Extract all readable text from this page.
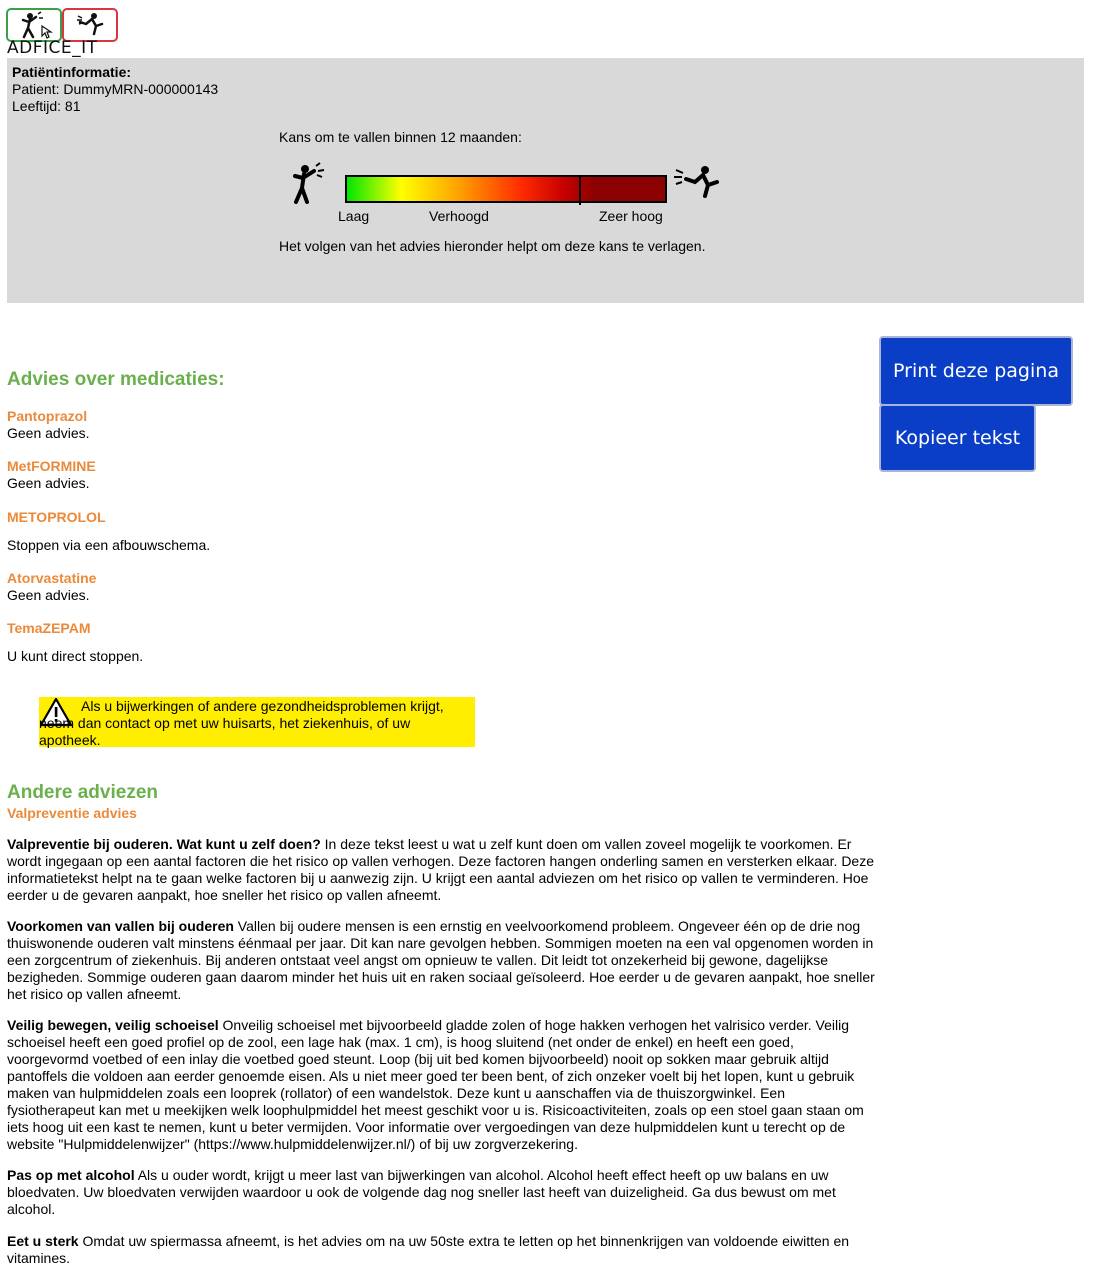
ADFICE_IT
Patiëntinformatie:
Patient: DummyMRN-000000143
Leeftijd: 81
Kans om te vallen binnen 12 maanden:
Laag	Verhoogd	Zeer hoog
Het volgen van het advies hieronder helpt om deze kans te verlagen.
Print deze pagina
Kopieer tekst
Advies over medicaties:
Pantoprazol
Geen advies.
MetFORMINE
Geen advies.
METOPROLOL
Stoppen via een afbouwschema.
Atorvastatine
Geen advies.
TemaZEPAM
U kunt direct stoppen.
Als u bijwerkingen of andere gezondheidsproblemen krijgt, neem dan contact op met uw huisarts, het ziekenhuis, of uw apotheek.
Andere adviezen
Valpreventie advies
Valpreventie bij ouderen. Wat kunt u zelf doen? In deze tekst leest u wat u zelf kunt doen om vallen zoveel mogelijk te voorkomen. Er wordt ingegaan op een aantal factoren die het risico op vallen verhogen. Deze factoren hangen onderling samen en versterken elkaar. Deze informatietekst helpt na te gaan welke factoren bij u aanwezig zijn. U krijgt een aantal adviezen om het risico op vallen te verminderen. Hoe eerder u de gevaren aanpakt, hoe sneller het risico op vallen afneemt.
Voorkomen van vallen bij ouderen Vallen bij oudere mensen is een ernstig en veelvoorkomend probleem. Ongeveer één op de drie nog thuiswonende ouderen valt minstens éénmaal per jaar. Dit kan nare gevolgen hebben. Sommigen moeten na een val opgenomen worden in een zorgcentrum of ziekenhuis. Bij anderen ontstaat veel angst om opnieuw te vallen. Dit leidt tot onzekerheid bij gewone, dagelijkse bezigheden. Sommige ouderen gaan daarom minder het huis uit en raken sociaal geïsoleerd. Hoe eerder u de gevaren aanpakt, hoe sneller het risico op vallen afneemt.
Veilig bewegen, veilig schoeisel Onveilig schoeisel met bijvoorbeeld gladde zolen of hoge hakken verhogen het valrisico verder. Veilig schoeisel heeft een goed profiel op de zool, een lage hak (max. 1 cm), is hoog sluitend (net onder de enkel) en heeft een goed, voorgevormd voetbed of een inlay die voetbed goed steunt. Loop (bij uit bed komen bijvoorbeeld) nooit op sokken maar gebruik altijd pantoffels die voldoen aan eerder genoemde eisen. Als u niet meer goed ter been bent, of zich onzeker voelt bij het lopen, kunt u gebruik maken van hulpmiddelen zoals een looprek (rollator) of een wandelstok. Deze kunt u aanschaffen via de thuiszorgwinkel. Een fysiotherapeut kan met u meekijken welk loophulpmiddel het meest geschikt voor u is. Risicoactiviteiten, zoals op een stoel gaan staan om iets hoog uit een kast te nemen, kunt u beter vermijden. Voor informatie over vergoedingen van deze hulpmiddelen kunt u terecht op de website "Hulpmiddelenwijzer" (https://www.hulpmiddelenwijzer.nl/) of bij uw zorgverzekering.
Pas op met alcohol Als u ouder wordt, krijgt u meer last van bijwerkingen van alcohol. Alcohol heeft effect heeft op uw balans en uw bloedvaten. Uw bloedvaten verwijden waardoor u ook de volgende dag nog sneller last heeft van duizeligheid. Ga dus bewust om met alcohol.
Eet u sterk Omdat uw spiermassa afneemt, is het advies om na uw 50ste extra te letten op het binnenkrijgen van voldoende eiwitten en vitamines.
